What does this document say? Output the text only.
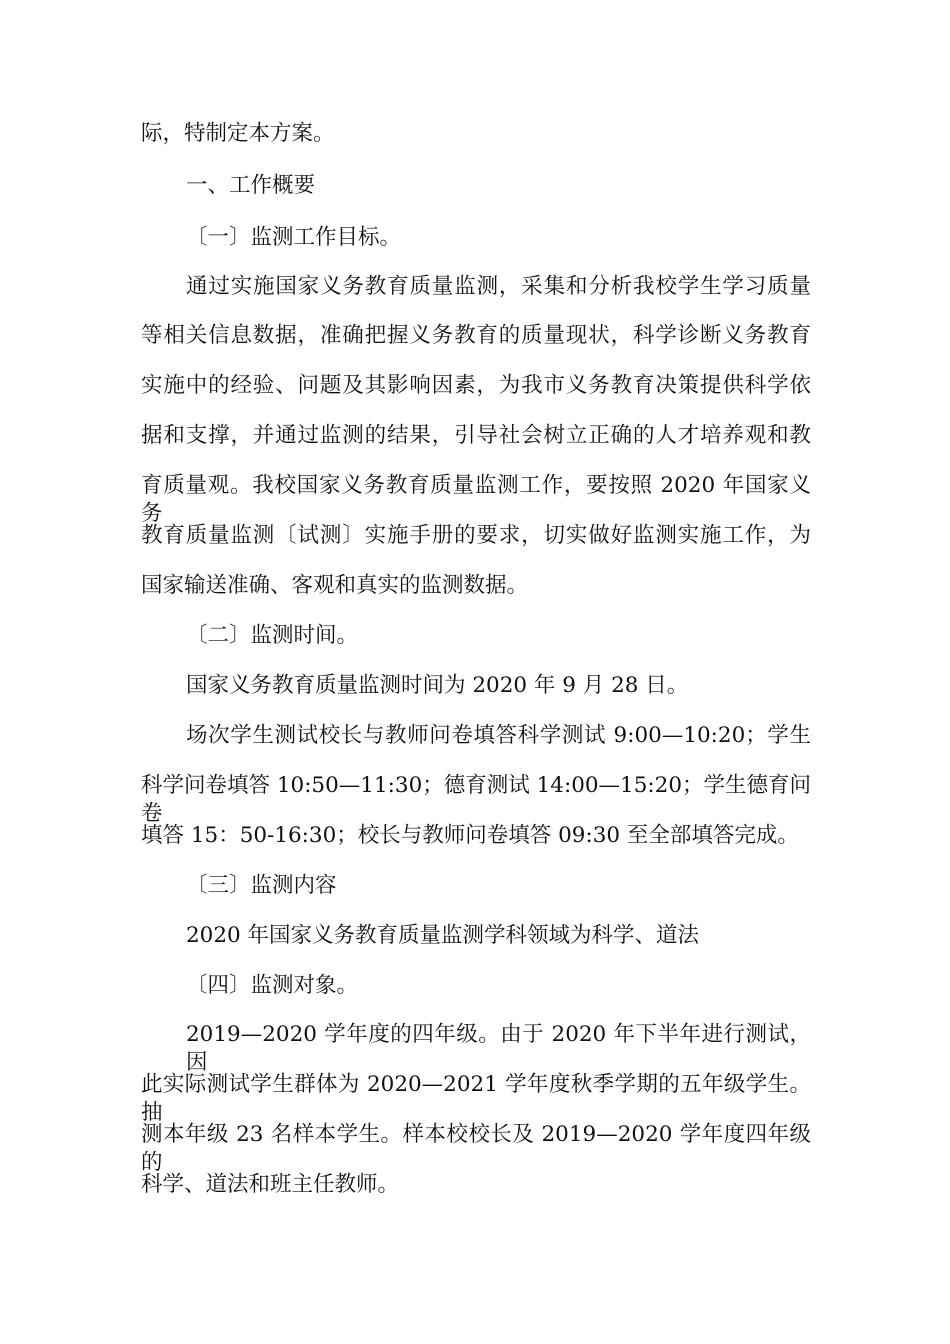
际，特制定本方案。
一、工作概要
〔一〕监测工作目标。
通过实施国家义务教育质量监测，采集和分析我校学生学习质量
等相关信息数据，准确把握义务教育的质量现状，科学诊断义务教育
实施中的经验、问题及其影响因素，为我市义务教育决策提供科学依
据和支撑，并通过监测的结果，引导社会树立正确的人才培养观和教
育质量观。我校国家义务教育质量监测工作，要按照 2020 年国家义务
教育质量监测〔试测〕实施手册的要求，切实做好监测实施工作，为
国家输送准确、客观和真实的监测数据。
〔二〕监测时间。
国家义务教育质量监测时间为 2020 年 9 月 28 日。
场次学生测试校长与教师问卷填答科学测试 9:00—10:20；学生
科学问卷填答 10:50—11:30；德育测试 14:00—15:20；学生德育问卷
填答 15：50-16:30；校长与教师问卷填答 09:30 至全部填答完成。
〔三〕监测内容
2020 年国家义务教育质量监测学科领域为科学、道法
〔四〕监测对象。
2019—2020 学年度的四年级。由于 2020 年下半年进行测试，因
此实际测试学生群体为 2020—2021 学年度秋季学期的五年级学生。抽
测本年级 23 名样本学生。样本校校长及 2019—2020 学年度四年级的
科学、道法和班主任教师。
